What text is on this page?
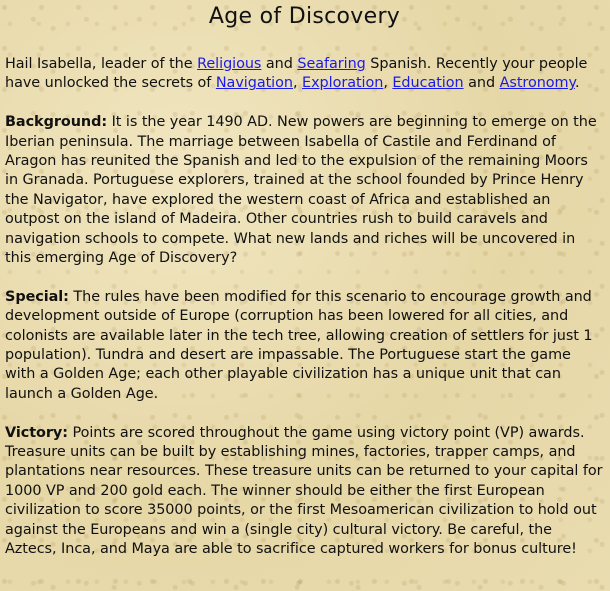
Age of Discovery

Hail Isabella, leader of the Religious and Seafaring Spanish. Recently your people have unlocked the secrets of Navigation, Exploration, Education and Astronomy.

Background: It is the year 1490 AD. New powers are beginning to emerge on the Iberian peninsula. The marriage between Isabella of Castile and Ferdinand of Aragon has reunited the Spanish and led to the expulsion of the remaining Moors in Granada. Portuguese explorers, trained at the school founded by Prince Henry the Navigator, have explored the western coast of Africa and established an outpost on the island of Madeira. Other countries rush to build caravels and navigation schools to compete. What new lands and riches will be uncovered in this emerging Age of Discovery?

Special: The rules have been modified for this scenario to encourage growth and development outside of Europe (corruption has been lowered for all cities, and colonists are available later in the tech tree, allowing creation of settlers for just 1 population). Tundra and desert are impassable. The Portuguese start the game with a Golden Age; each other playable civilization has a unique unit that can launch a Golden Age.

Victory: Points are scored throughout the game using victory point (VP) awards. Treasure units can be built by establishing mines, factories, trapper camps, and plantations near resources. These treasure units can be returned to your capital for 1000 VP and 200 gold each. The winner should be either the first European civilization to score 35000 points, or the first Mesoamerican civilization to hold out against the Europeans and win a (single city) cultural victory. Be careful, the Aztecs, Inca, and Maya are able to sacrifice captured workers for bonus culture!
